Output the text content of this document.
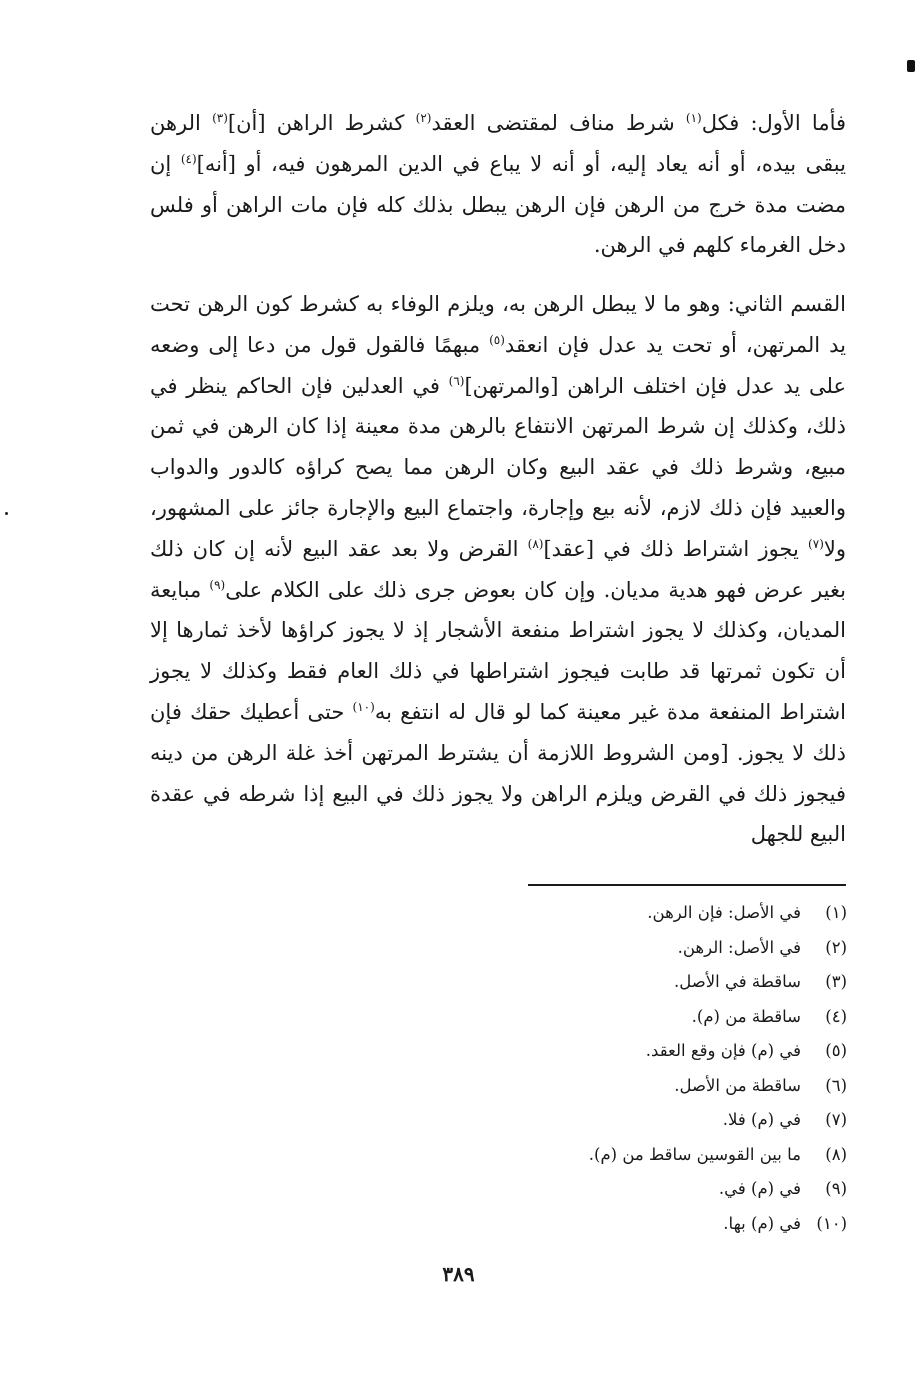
فأما الأول: فكل$^{(١)}$ شرط مناف لمقتضى العقد$^{(٢)}$ كشرط الراهن [أن]$^{(٣)}$ الرهن يبقى بيده، أو أنه يعاد إليه، أو أنه لا يباع في الدين المرهون فيه، أو [أنه]$^{(٤)}$ إن مضت مدة خرج من الرهن فإن الرهن يبطل بذلك كله فإن مات الراهن أو فلس دخل الغرماء كلهم في الرهن.

القسم الثاني: وهو ما لا يبطل الرهن به، ويلزم الوفاء به كشرط كون الرهن تحت يد المرتهن، أو تحت يد عدل فإن انعقد$^{(٥)}$ مبهمًا فالقول قول من دعا إلى وضعه على يد عدل فإن اختلف الراهن [والمرتهن]$^{(٦)}$ في العدلين فإن الحاكم ينظر في ذلك، وكذلك إن شرط المرتهن الانتفاع بالرهن مدة معينة إذا كان الرهن في ثمن مبيع، وشرط ذلك في عقد البيع وكان الرهن مما يصح كراؤه كالدور والدواب والعبيد فإن ذلك لازم، لأنه بيع وإجارة، واجتماع البيع والإجارة جائز على المشهور، ولا$^{(٧)}$ يجوز اشتراط ذلك في [عقد]$^{(٨)}$ القرض ولا بعد عقد البيع لأنه إن كان ذلك بغير عرض فهو هدية مديان. وإن كان بعوض جرى ذلك على الكلام على$^{(٩)}$ مبايعة المديان، وكذلك لا يجوز اشتراط منفعة الأشجار إذ لا يجوز كراؤها لأخذ ثمارها إلا أن تكون ثمرتها قد طابت فيجوز اشتراطها في ذلك العام فقط وكذلك لا يجوز اشتراط المنفعة مدة غير معينة كما لو قال له انتفع به$^{(١٠)}$ حتى أعطيك حقك فإن ذلك لا يجوز. [ومن الشروط اللازمة أن يشترط المرتهن أخذ غلة الرهن من دينه فيجوز ذلك في القرض ويلزم الراهن ولا يجوز ذلك في البيع إذا شرطه في عقدة البيع للجهل

(١)في الأصل: فإن الرهن.
(٢)في الأصل: الرهن.
(٣)ساقطة في الأصل.
(٤)ساقطة من (م).
(٥)في (م) فإن وقع العقد.
(٦)ساقطة من الأصل.
(٧)في (م) فلا.
(٨)ما بين القوسين ساقط من (م).
(٩)في (م) في.
(١٠)في (م) بها.
٣٨٩
